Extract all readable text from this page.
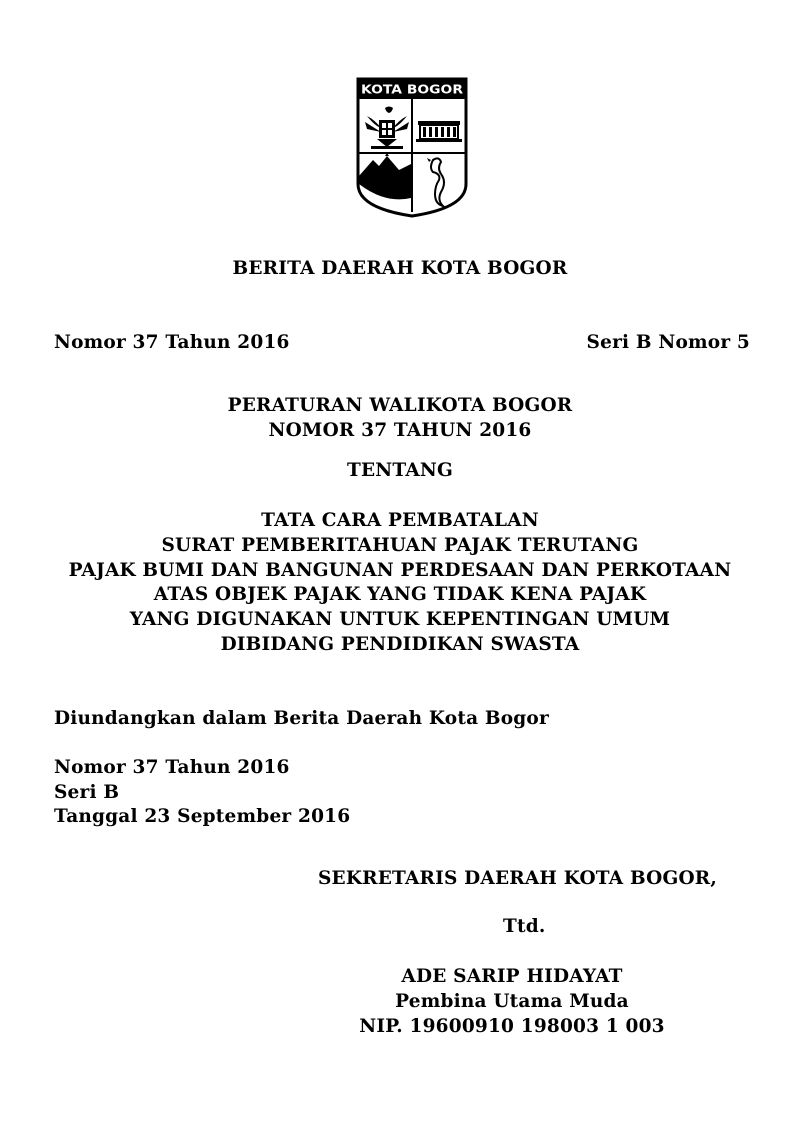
KOTA BOGOR
BERITA DAERAH KOTA BOGOR
Nomor 37 Tahun 2016	Seri B Nomor 5
PERATURAN WALIKOTA BOGOR
NOMOR 37 TAHUN 2016
TENTANG
TATA CARA PEMBATALAN
SURAT PEMBERITAHUAN PAJAK TERUTANG
PAJAK BUMI DAN BANGUNAN PERDESAAN DAN PERKOTAAN
ATAS OBJEK PAJAK YANG TIDAK KENA PAJAK
YANG DIGUNAKAN UNTUK KEPENTINGAN UMUM
DIBIDANG PENDIDIKAN SWASTA
Diundangkan dalam Berita Daerah Kota Bogor
Nomor 37 Tahun 2016
Seri B
Tanggal 23 September 2016
SEKRETARIS DAERAH KOTA BOGOR,
Ttd.
ADE SARIP HIDAYAT
Pembina Utama Muda
NIP. 19600910 198003 1 003
